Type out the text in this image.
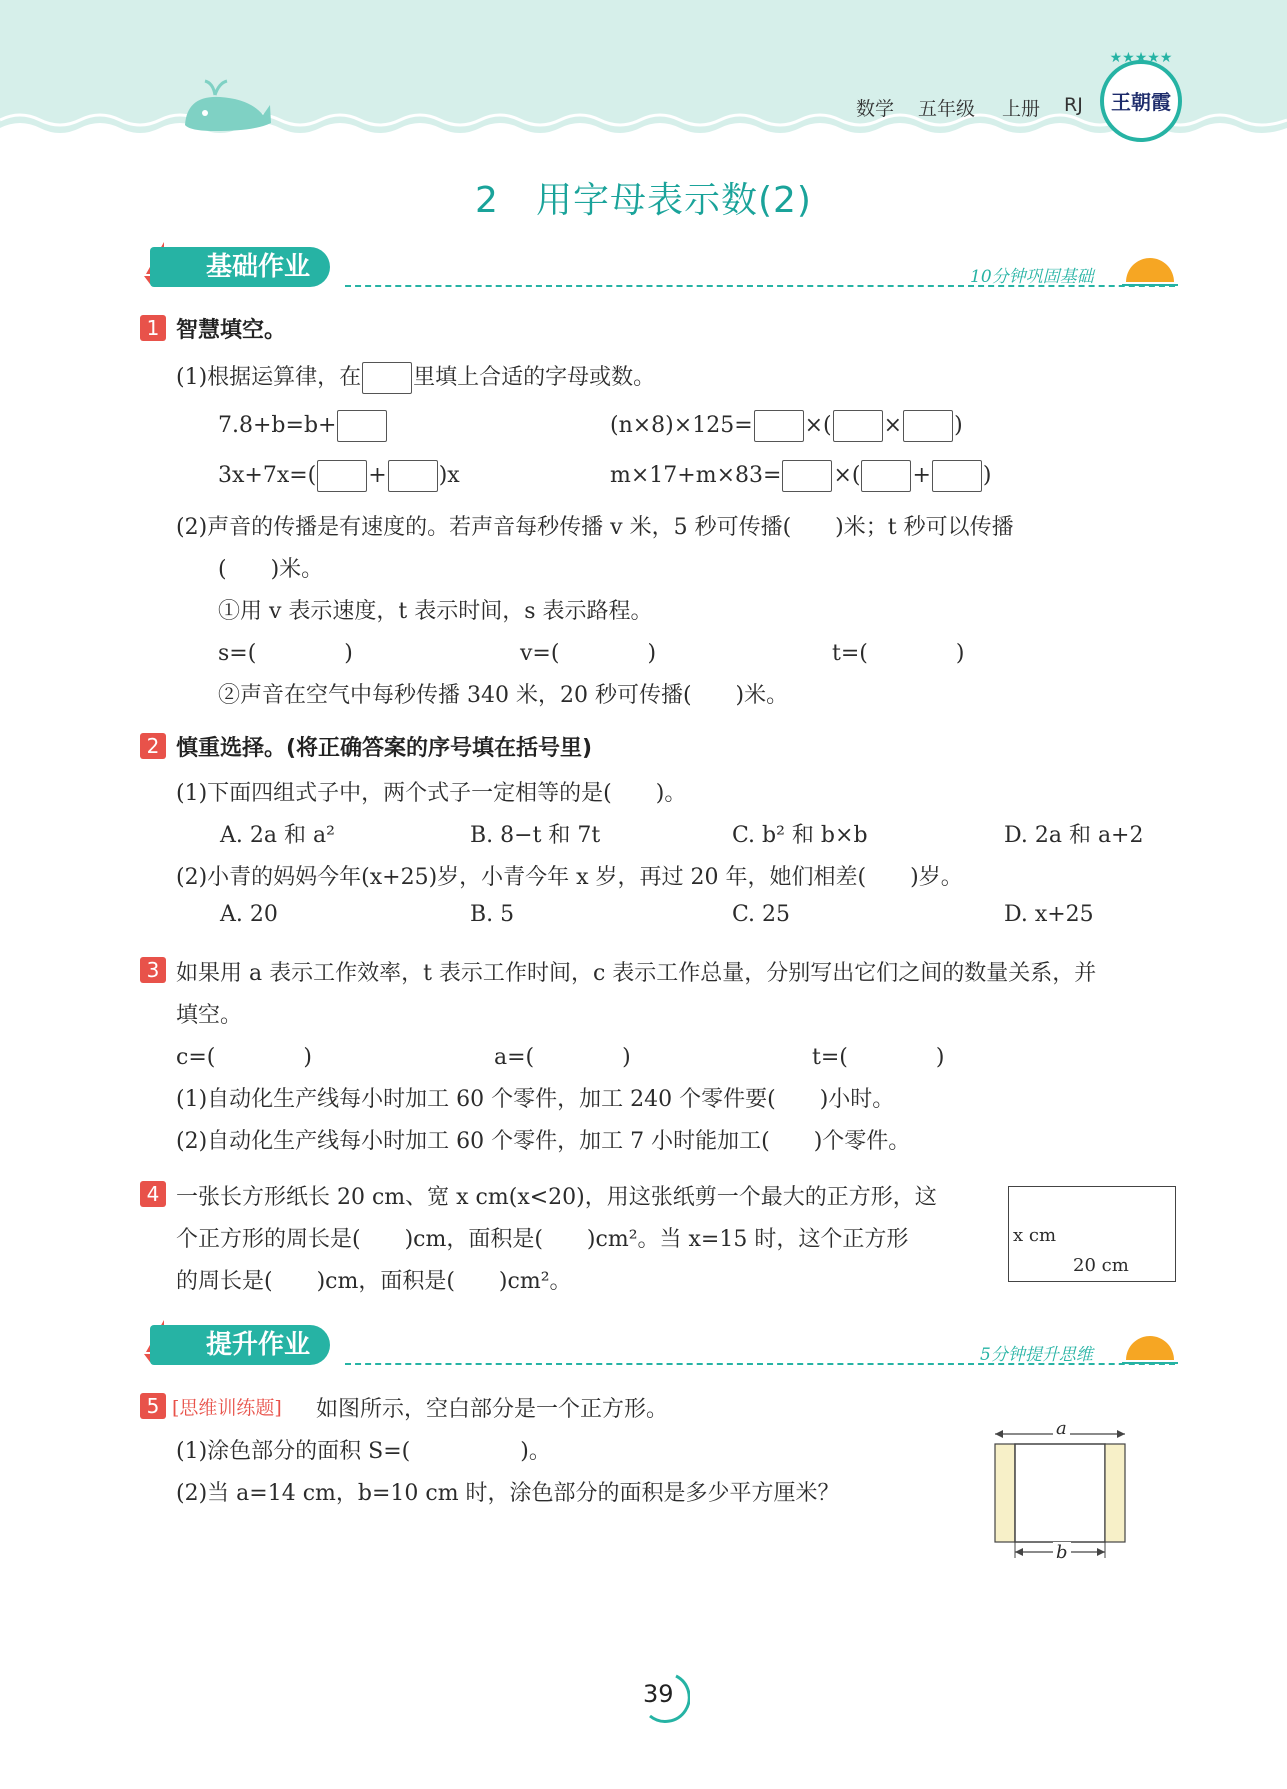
数学 五年级 上册 RJ
★★★★★
王朝霞
2　用字母表示数(2)
基础作业	10分钟巩固基础
1 智慧填空。
(1)根据运算律，在 里填上合适的字母或数。
7.8+b=b+	(n×8)×125= ×( × )
3x+7x=( + )x	m×17+m×83= ×( + )
(2)声音的传播是有速度的。若声音每秒传播 v 米，5 秒可传播(　　)米；t 秒可以传播
(　　)米。
①用 v 表示速度，t 表示时间，s 表示路程。
s=(　　　　)	v=(　　　　)	t=(　　　　)
②声音在空气中每秒传播 340 米，20 秒可传播(　　)米。
2 慎重选择。(将正确答案的序号填在括号里)
(1)下面四组式子中，两个式子一定相等的是(　　)。
A. 2a 和 a²	B. 8−t 和 7t	C. b² 和 b×b	D. 2a 和 a+2
(2)小青的妈妈今年(x+25)岁，小青今年 x 岁，再过 20 年，她们相差(　　)岁。
A. 20	B. 5	C. 25	D. x+25
3 如果用 a 表示工作效率，t 表示工作时间，c 表示工作总量，分别写出它们之间的数量关系，并
填空。
c=(　　　　)	a=(　　　　)	t=(　　　　)
(1)自动化生产线每小时加工 60 个零件，加工 240 个零件要(　　)小时。
(2)自动化生产线每小时加工 60 个零件，加工 7 小时能加工(　　)个零件。
4 一张长方形纸长 20 cm、宽 x cm(x<20)，用这张纸剪一个最大的正方形，这
个正方形的周长是(　　)cm，面积是(　　)cm²。当 x=15 时，这个正方形
的周长是(　　)cm，面积是(　　)cm²。
x cm
20 cm
提升作业	5分钟提升思维
5 [思维训练题] 如图所示，空白部分是一个正方形。
(1)涂色部分的面积 S=(　　　　　)。
(2)当 a=14 cm，b=10 cm 时，涂色部分的面积是多少平方厘米？
a
b
39
